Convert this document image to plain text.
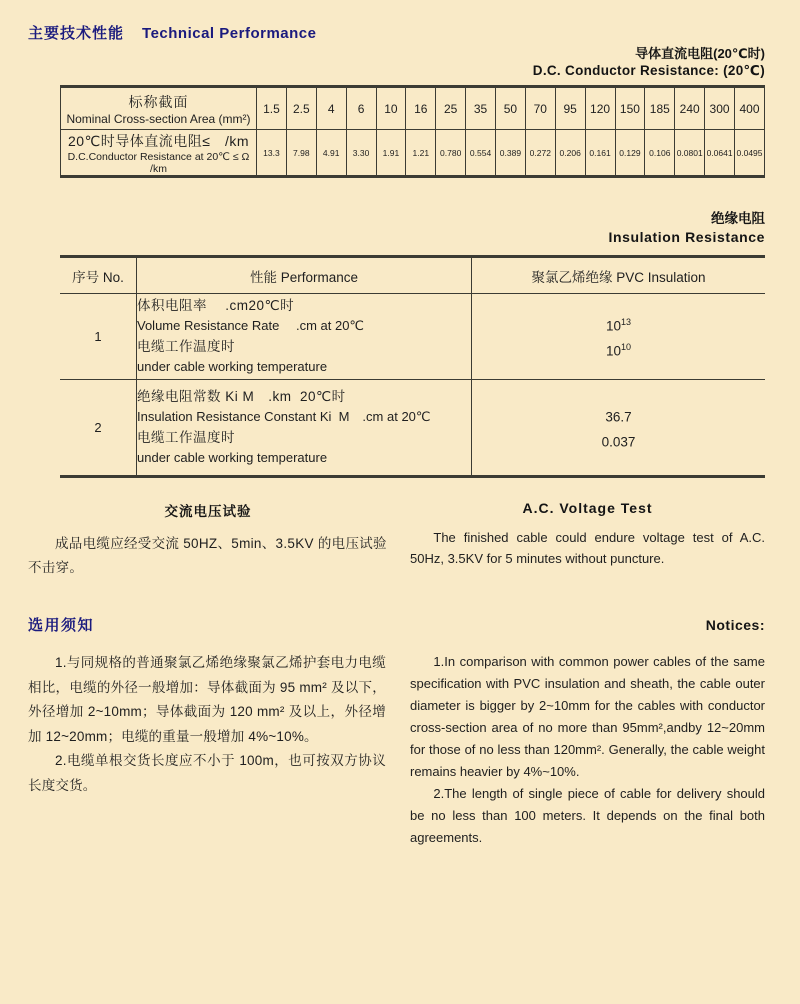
主要技术性能 Technical Performance
导体直流电阻(20℃时)
D.C. Conductor Resistance: (20℃)
标称截面
Nominal Cross-section Area (mm²)	1.5	2.5	4	6	10	16	25	35	50	70	95	120	150	185	240	300	400

20℃时导体直流电阻≤　/km
D.C.Conductor Resistance at 20℃ ≤ Ω /km	13.3	7.98	4.91	3.30	1.91	1.21	0.780	0.554	0.389	0.272	0.206	0.161	0.129	0.106	0.0801	0.0641	0.0495
绝缘电阻
Insulation Resistance
序号 No.	性能 Performance	聚氯乙烯绝缘 PVC Insulation
1	
体积电阻率　 .cm20℃时
Volume Resistance Rate　 .cm at 20℃
电缆工作温度时
under cable working temperature

$10^{13}$
$10^{10}$

2	
绝缘电阻常数 Ki M　.km  20℃时
Insulation Resistance Constant Ki  M　.cm at 20℃
电缆工作温度时
under cable working temperature

36.7
0.037
交流电压试验
成品电缆应经受交流 50HZ、5min、3.5KV 的电压试验不击穿。
A.C. Voltage Test
The finished cable could endure voltage test of A.C. 50Hz, 3.5KV for 5 minutes without puncture.
选用须知	Notices:

1.与同规格的普通聚氯乙烯绝缘聚氯乙烯护套电力电缆相比，电缆的外径一般增加：导体截面为 95 mm² 及以下，外径增加 2~10mm；导体截面为 120 mm² 及以上，外径增加 12~20mm；电缆的重量一般增加 4%~10%。

2.电缆单根交货长度应不小于 100m，也可按双方协议长度交货。

1.In comparison with common power cables of the same specification with PVC insulation and sheath, the cable outer diameter is bigger by 2~10mm for the cables with conductor cross-section area of no more than 95mm²,andby 12~20mm for those of no less than 120mm². Generally, the cable weight remains heavier by 4%~10%.

2.The length of single piece of cable for delivery should be no less than 100 meters. It depends on the final both agreements.
